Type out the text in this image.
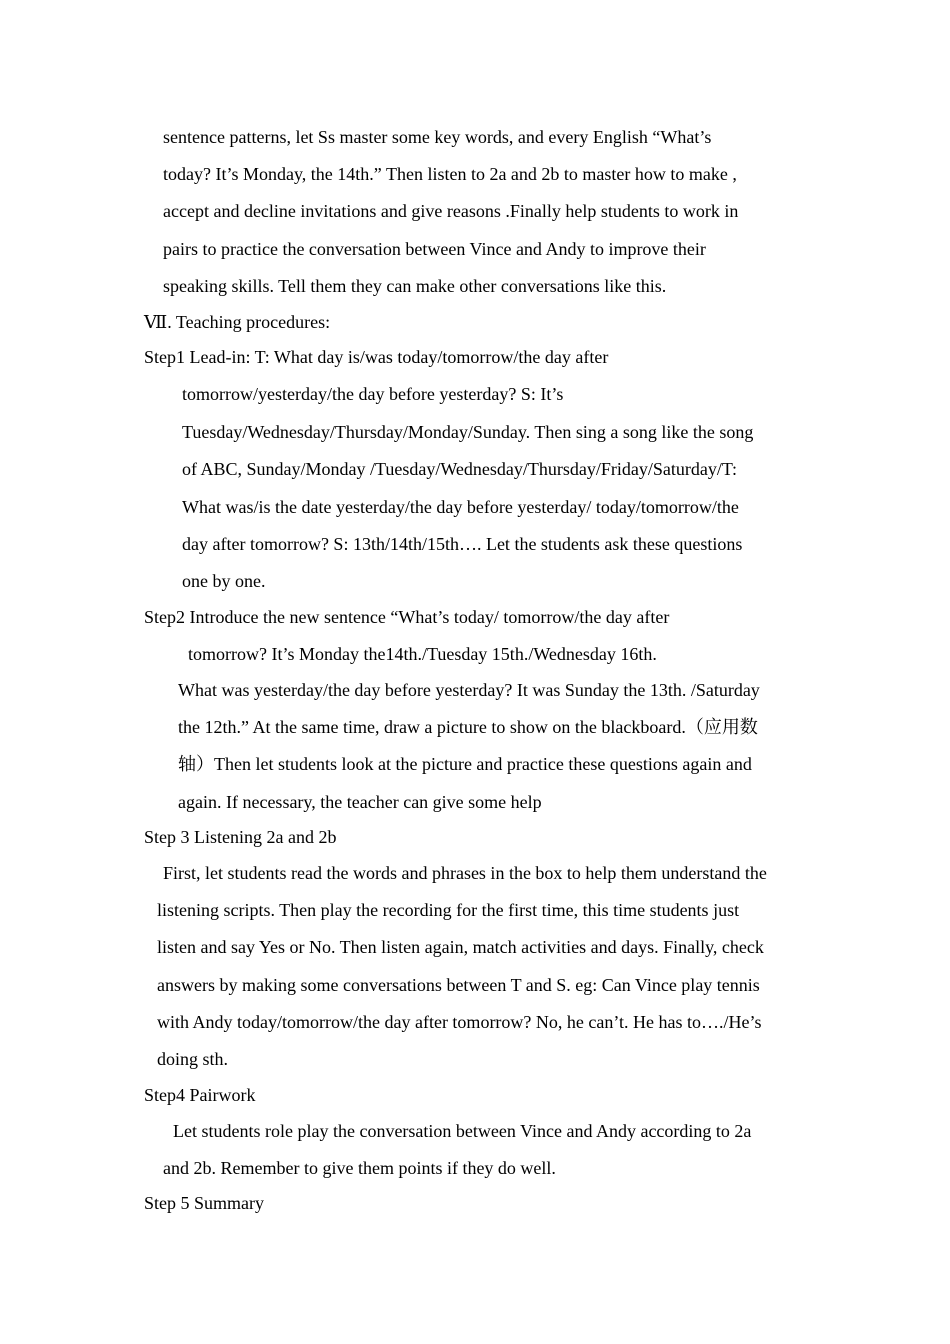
sentence patterns, let Ss master some key words, and every English “What’s
today? It’s Monday, the 14th.” Then listen to 2a and 2b to master how to make ,
accept and decline invitations and give reasons .Finally help students to work in
pairs to practice the conversation between Vince and Andy to improve their
speaking skills. Tell them they can make other conversations like this.
Ⅶ. Teaching procedures:
Step1 Lead-in: T: What day is/was today/tomorrow/the day after
tomorrow/yesterday/the day before yesterday? S: It’s
Tuesday/Wednesday/Thursday/Monday/Sunday. Then sing a song like the song
of ABC, Sunday/Monday /Tuesday/Wednesday/Thursday/Friday/Saturday/T:
What was/is the date yesterday/the day before yesterday/ today/tomorrow/the
day after tomorrow? S: 13th/14th/15th…. Let the students ask these questions
one by one.
Step2 Introduce the new sentence “What’s today/ tomorrow/the day after
tomorrow? It’s Monday the14th./Tuesday 15th./Wednesday 16th.
What was yesterday/the day before yesterday? It was Sunday the 13th. /Saturday
the 12th.” At the same time, draw a picture to show on the blackboard.（应用数
轴）Then let students look at the picture and practice these questions again and
again. If necessary, the teacher can give some help
Step 3 Listening 2a and 2b
First, let students read the words and phrases in the box to help them understand the
listening scripts. Then play the recording for the first time, this time students just
listen and say Yes or No. Then listen again, match activities and days. Finally, check
answers by making some conversations between T and S. eg: Can Vince play tennis
with Andy today/tomorrow/the day after tomorrow? No, he can’t. He has to…./He’s
doing sth.
Step4 Pairwork
Let students role play the conversation between Vince and Andy according to 2a
and 2b. Remember to give them points if they do well.
Step 5 Summary
